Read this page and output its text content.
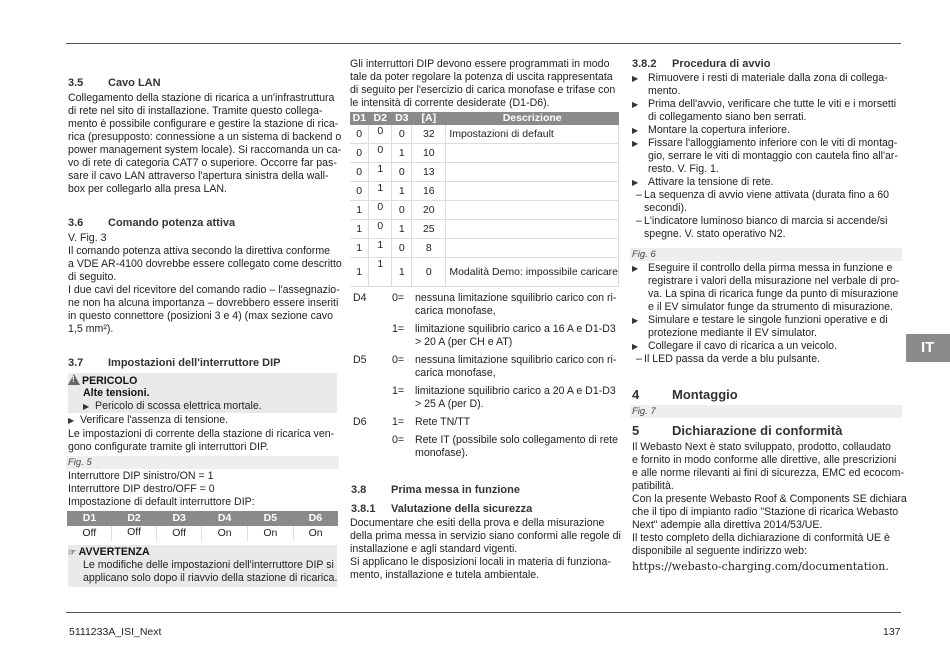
3.5 Cavo LAN
Collegamento della stazione di ricarica a un'infrastruttura
di rete nel sito di installazione. Tramite questo collega-
mento è possibile configurare e gestire la stazione di rica-
rica (presupposto: connessione a un sistema di backend o
power management system locale). Si raccomanda un ca-
vo di rete di categoria CAT7 o superiore. Occorre far pas-
sare il cavo LAN attraverso l'apertura sinistra della wall-
box per collegarlo alla presa LAN.
3.6 Comando potenza attiva
V. Fig. 3
Il comando potenza attiva secondo la direttiva conforme
a VDE AR-4100 dovrebbe essere collegato come descritto
di seguito.
I due cavi del ricevitore del comando radio – l'assegnazio-
ne non ha alcuna importanza – dovrebbero essere inseriti
in questo connettore (posizioni 3 e 4) (max sezione cavo
1,5 mm²).
3.7 Impostazioni dell'interruttore DIP
!PERICOLO
Alte tensioni.
▶ Pericolo di scossa elettrica mortale.
▶ Verificare l'assenza di tensione.
Le impostazioni di corrente della stazione di ricarica ven-
gono configurate tramite gli interruttori DIP.
Fig. 5
Interruttore DIP sinistro/ON = 1
Interruttore DIP destro/OFF = 0
Impostazione di default interruttore DIP:
D1	D2	D3	D4	D5	D6
Off	Off	Off	On	On	On
☞ AVVERTENZA
Le modifiche delle impostazioni dell'interruttore DIP si
applicano solo dopo il riavvio della stazione di ricarica.
Gli interruttori DIP devono essere programmati in modo
tale da poter regolare la potenza di uscita rappresentata
di seguito per l'esercizio di carica monofase e trifase con
le intensità di corrente desiderate (D1-D6).
D1	D2	D3	[A]	Descrizione
0	0	0	32	Impostazioni di default
0	0	1	10	
0	1	0	13	
0	1	1	16	
1	0	0	20	
1	0	1	25	
1	1	0	8	
1	1	1	0	Modalità Demo: impossibile caricare
D4 0= nessuna limitazione squilibrio carico con ri-
carica monofase,
1= limitazione squilibrio carico a 16 A e D1-D3
> 20 A (per CH e AT)
D5 0= nessuna limitazione squilibrio carico con ri-
carica monofase,
1= limitazione squilibrio carico a 20 A e D1-D3
> 25 A (per D).
D6 1= Rete TN/TT
0= Rete IT (possibile solo collegamento di rete
monofase).
3.8 Prima messa in funzione
3.8.1 Valutazione della sicurezza
Documentare che esiti della prova e della misurazione
della prima messa in servizio siano conformi alle regole di
installazione e agli standard vigenti.
Si applicano le disposizioni locali in materia di funziona-
mento, installazione e tutela ambientale.
3.8.2 Procedura di avvio
▶ Rimuovere i resti di materiale dalla zona di collega-
mento.
▶ Prima dell'avvio, verificare che tutte le viti e i morsetti
di collegamento siano ben serrati.
▶ Montare la copertura inferiore.
▶ Fissare l'alloggiamento inferiore con le viti di montag-
gio, serrare le viti di montaggio con cautela fino all'ar-
resto. V. Fig. 1.
▶ Attivare la tensione di rete.
– La sequenza di avvio viene attivata (durata fino a 60
secondi).
– L'indicatore luminoso bianco di marcia si accende/si
spegne. V. stato operativo N2.
Fig. 6
▶ Eseguire il controllo della pirma messa in funzione e
registrare i valori della misurazione nel verbale di pro-
va. La spina di ricarica funge da punto di misurazione
e il EV simulator funge da strumento di misurazione.
▶ Simulare e testare le singole funzioni operative e di
protezione mediante il EV simulator.
▶ Collegare il cavo di ricarica a un veicolo.
– Il LED passa da verde a blu pulsante.
4	Montaggio
Fig. 7
5	Dichiarazione di conformità
Il Webasto Next è stato sviluppato, prodotto, collaudato
e fornito in modo conforme alle direttive, alle prescrizioni
e alle norme rilevanti ai fini di sicurezza, EMC ed ecocom-
patibilità.
Con la presente Webasto Roof & Components SE dichiara
che il tipo di impianto radio "Stazione di ricarica Webasto
Next" adempie alla direttiva 2014/53/UE.
Il testo completo della dichiarazione di conformità UE è
disponibile al seguente indirizzo web:
https://webasto-charging.com/documentation.
IT
5111233A_ISI_Next	137
